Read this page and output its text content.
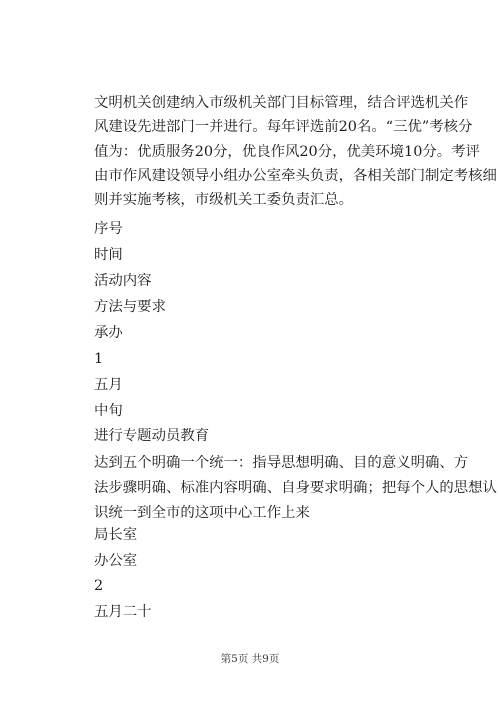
文明机关创建纳入市级机关部门目标管理，结合评选机关作
风建设先进部门一并进行。每年评选前20名。“三优”考核分
值为：优质服务20分，优良作风20分，优美环境10分。考评
由市作风建设领导小组办公室牵头负责，各相关部门制定考核细
则并实施考核，市级机关工委负责汇总。

序号

时间

活动内容

方法与要求

承办

1

五月

中旬

进行专题动员教育

达到五个明确一个统一：指导思想明确、目的意义明确、方
法步骤明确、标准内容明确、自身要求明确；把每个人的思想认
识统一到全市的这项中心工作上来

局长室

办公室

2

五月二十

第5页 共9页
